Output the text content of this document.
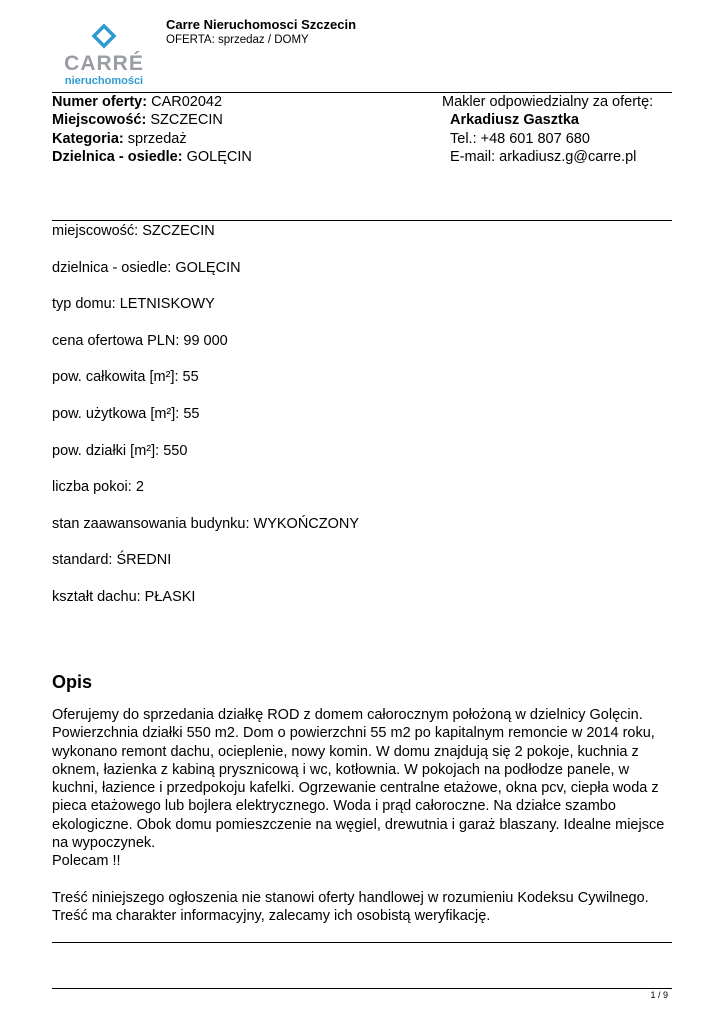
CARRÉ
nieruchomości
Carre Nieruchomosci Szczecin
OFERTA: sprzedaz / DOMY
Numer oferty: CAR02042
Miejscowość: SZCZECIN
Kategoria: sprzedaż
Dzielnica - osiedle: GOLĘCIN
Makler odpowiedzialny za ofertę:
Arkadiusz Gasztka
Tel.: +48 601 807 680
E-mail: arkadiusz.g@carre.pl
miejscowość: SZCZECIN
dzielnica - osiedle: GOLĘCIN
typ domu: LETNISKOWY
cena ofertowa PLN: 99 000
pow. całkowita [m²]: 55
pow. użytkowa [m²]: 55
pow. działki [m²]: 550
liczba pokoi: 2
stan zaawansowania budynku: WYKOŃCZONY
standard: ŚREDNI
kształt dachu: PŁASKI
Opis

Oferujemy do sprzedania działkę ROD z domem całorocznym położoną w dzielnicy Golęcin.

Powierzchnia działki 550 m2. Dom o powierzchni 55 m2 po kapitalnym remoncie w 2014 roku,

wykonano remont dachu, ocieplenie, nowy komin. W domu znajdują się 2 pokoje, kuchnia z

oknem, łazienka z kabiną prysznicową i wc, kotłownia. W pokojach na podłodze panele, w

kuchni, łazience i przedpokoju kafelki. Ogrzewanie centralne etażowe, okna pcv, ciepła woda z

pieca etażowego lub bojlera elektrycznego. Woda i prąd całoroczne. Na działce szambo

ekologiczne. Obok domu pomieszczenie na węgiel, drewutnia i garaż blaszany. Idealne miejsce

na wypoczynek.

Polecam !!

Treść niniejszego ogłoszenia nie stanowi oferty handlowej w rozumieniu Kodeksu Cywilnego.

Treść ma charakter informacyjny, zalecamy ich osobistą weryfikację.

1 / 9
